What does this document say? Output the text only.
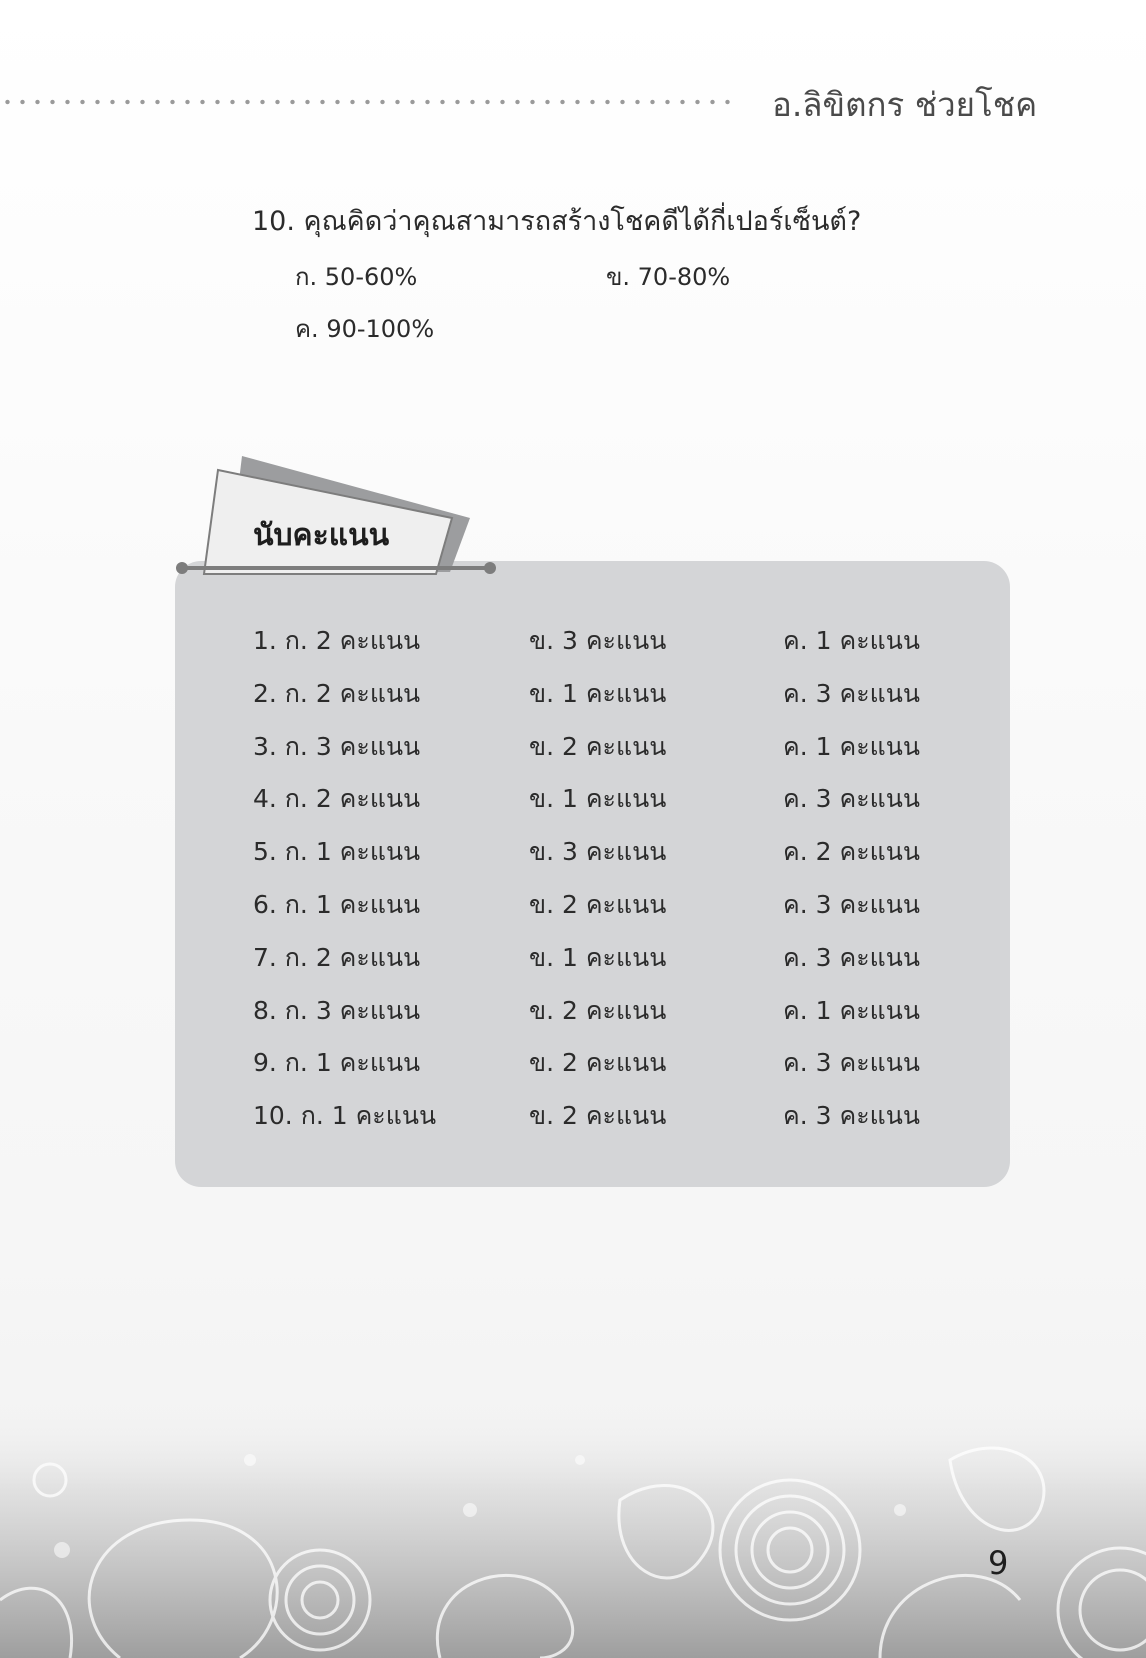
อ.ลิขิตกร ช่วยโชค
10. คุณคิดว่าคุณสามารถสร้างโชคดีได้กี่เปอร์เซ็นต์?
ก. 50-60%	ข. 70-80%
ค. 90-100%
นับคะแนน
1. ก. 2 คะแนน	ข. 3 คะแนน	ค. 1 คะแนน
2. ก. 2 คะแนน	ข. 1 คะแนน	ค. 3 คะแนน
3. ก. 3 คะแนน	ข. 2 คะแนน	ค. 1 คะแนน
4. ก. 2 คะแนน	ข. 1 คะแนน	ค. 3 คะแนน
5. ก. 1 คะแนน	ข. 3 คะแนน	ค. 2 คะแนน
6. ก. 1 คะแนน	ข. 2 คะแนน	ค. 3 คะแนน
7. ก. 2 คะแนน	ข. 1 คะแนน	ค. 3 คะแนน
8. ก. 3 คะแนน	ข. 2 คะแนน	ค. 1 คะแนน
9. ก. 1 คะแนน	ข. 2 คะแนน	ค. 3 คะแนน
10. ก. 1 คะแนน	ข. 2 คะแนน	ค. 3 คะแนน
9
